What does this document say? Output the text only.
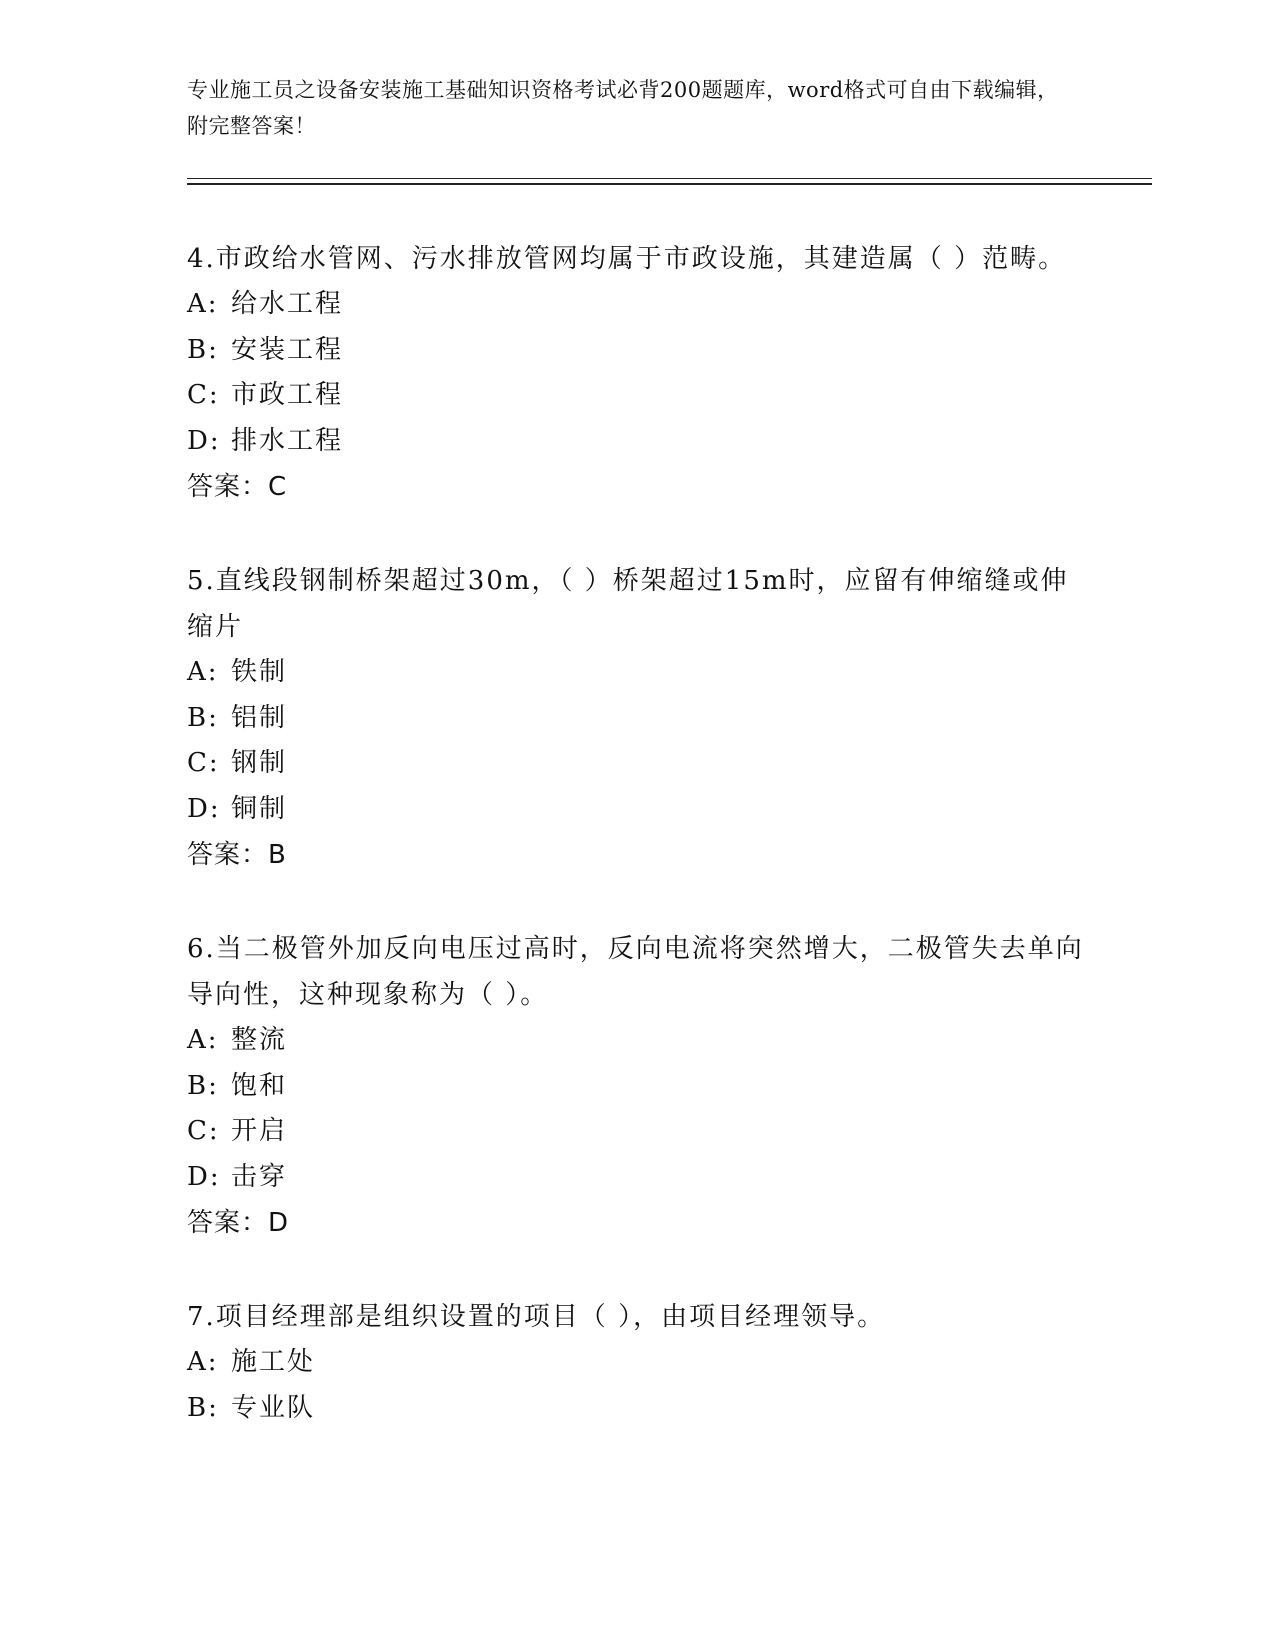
专业施工员之设备安装施工基础知识资格考试必背200题题库，word格式可自由下载编辑，附完整答案！
4.市政给水管网、污水排放管网均属于市政设施，其建造属（ ）范畴。
A: 给水工程
B: 安装工程
C: 市政工程
D: 排水工程
答案：C
5.直线段钢制桥架超过30m，（ ）桥架超过15m时，应留有伸缩缝或伸缩片
A: 铁制
B: 铝制
C: 钢制
D: 铜制
答案：B
6.当二极管外加反向电压过高时，反向电流将突然增大，二极管失去单向导向性，这种现象称为（ ）。
A: 整流
B: 饱和
C: 开启
D: 击穿
答案：D
7.项目经理部是组织设置的项目（ ），由项目经理领导。
A: 施工处
B: 专业队
